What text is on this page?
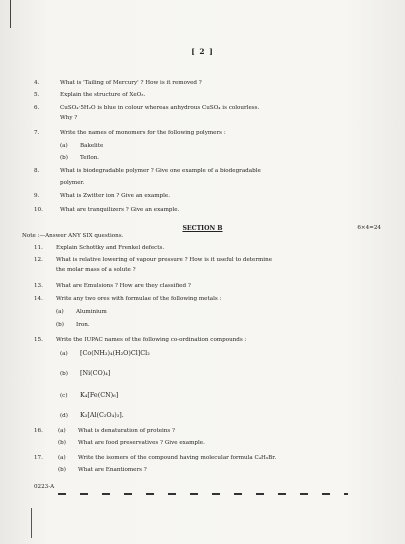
[ 2 ]
4.	What is 'Tailing of Mercury' ? How is it removed ?
5.	Explain the structure of XeO₃.
6.	CuSO₄·5H₂O is blue in colour whereas anhydrous CuSO₄ is colourless.
Why ?
7.	Write the names of monomers for the following polymers :
(a)	Bakelite
(b)	Teflon.
8.	What is biodegradable polymer ? Give one example of a biodegradable
polymer.
9.	What is Zwitter ion ? Give an example.
10.	What are tranquilizers ? Give an example.
SECTION B	6×4=24
Note :—Answer ANY SIX questions.
11.	Explain Schottky and Frenkel defects.
12.	What is relative lowering of vapour pressure ? How is it useful to determine
the molar mass of a solute ?
13.	What are Emulsions ? How are they classified ?
14.	Write any two ores with formulae of the following metals :
(a)	Aluminium
(b)	Iron.
15.	Write the IUPAC names of the following co-ordination compounds :
(a) [Co(NH₃)₄(H₂O)Cl]Cl₂
(b) [Ni(CO)₄]
(c) K₄[Fe(CN)₆]
(d) K₃[Al(C₂O₄)₃].
16.	(a)	What is denaturation of proteins ?
(b)	What are food preservatives ? Give example.
17.	(a)	Write the isomers of the compound having molecular formula C₄H₉Br.
(b)	What are Enantiomers ?
0223-A
